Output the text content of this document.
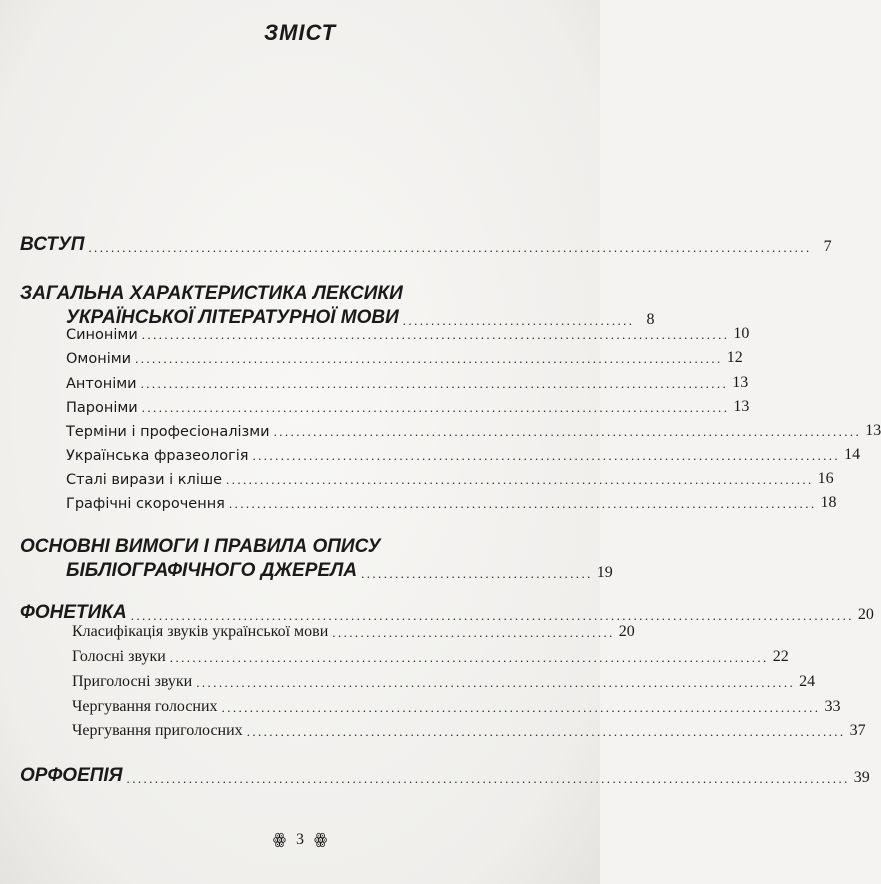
ЗМІСТ
ВСТУП ................................................................................................................................ 7
ЗАГАЛЬНА ХАРАКТЕРИСТИКА ЛЕКСИКИ
УКРАЇНСЬКОЇ ЛІТЕРАТУРНОЇ МОВИ ......................................... 8
Синоніми ........................................................................................................ 10
Омоніми ........................................................................................................ 12
Антоніми ........................................................................................................ 13
Пароніми ........................................................................................................ 13
Терміни і професіоналізми ........................................................................................................ 13
Українська фразеологія ........................................................................................................ 14
Сталі вирази і кліше ........................................................................................................ 16
Графічні скорочення ........................................................................................................ 18
ОСНОВНІ ВИМОГИ І ПРАВИЛА ОПИСУ
БІБЛІОГРАФІЧНОГО ДЖЕРЕЛА ......................................... 19
ФОНЕТИКА ................................................................................................................................ 20
Класифікація звуків української мови .................................................. 20
Голосні звуки .......................................................................................................... 22
Приголосні звуки .......................................................................................................... 24
Чергування голосних .......................................................................................................... 33
Чергування приголосних .......................................................................................................... 37
ОРФОЕПІЯ ................................................................................................................................ 39
ꙮ 3 ꙮ
